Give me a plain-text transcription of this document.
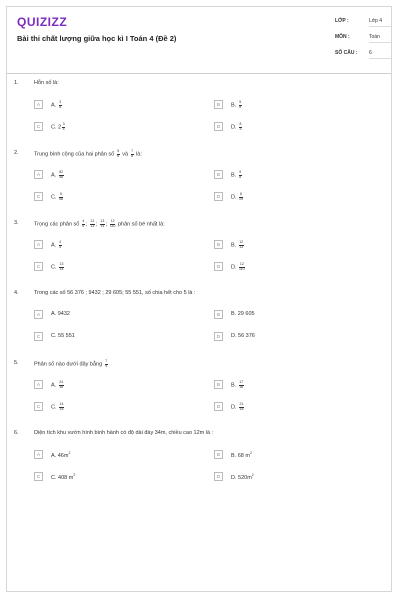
QUIZIZZ
Bài thi chất lượng giữa học kì I Toán 4 (Đề 2)
LỚP :	Lớp 4
MÔN :	Toán
SỐ CÂU :	6
1.	Hỗn số là:
2.	Trung bình cộng của hai phân số $\frac{5}{6}$ và $\frac{7}{8}$ là:
3.	Trọng các phân số $\frac{4}{5}$ ; $\frac{12}{13}$ ; $\frac{13}{14}$ ; $\frac{12}{110}$ phân số bé nhất là:
4.	Trong các số 56 376 ; 9432 ; 29 605; 55 551, số chia hết cho 5 là :
5.	Phân số nào dưới đây bằng $\frac{7}{9}$
6.	Diện tích khu vườn hình bình hành có độ dài đáy 34m, chiều cao 12m là :
A	A. $\frac{3}{8}$	B	B. $\frac{5}{8}$
C	C. $2 \frac{3}{4}$	D	D. $\frac{8}{3}$
A	A. $\frac{82}{48}$	B	B. $\frac{9}{8}$
C	C. $\frac{5}{48}$	D	D. $\frac{8}{19}$
A	A. $\frac{4}{5}$	B	B. $\frac{12}{13}$
C	C. $\frac{13}{14}$	D	D. $\frac{12}{110}$
A	A. 9432	B	B. 29 605
C	C. 55 551	D	D. 56 376
A	A. $\frac{24}{18}$	B	B. $\frac{17}{18}$
C	C. $\frac{14}{18}$	D	D. $\frac{21}{18}$
A	A. $46m^2$	B	B. 68 $m^2$
C	C. 408 $m^2$	D	D. $520m^2$
